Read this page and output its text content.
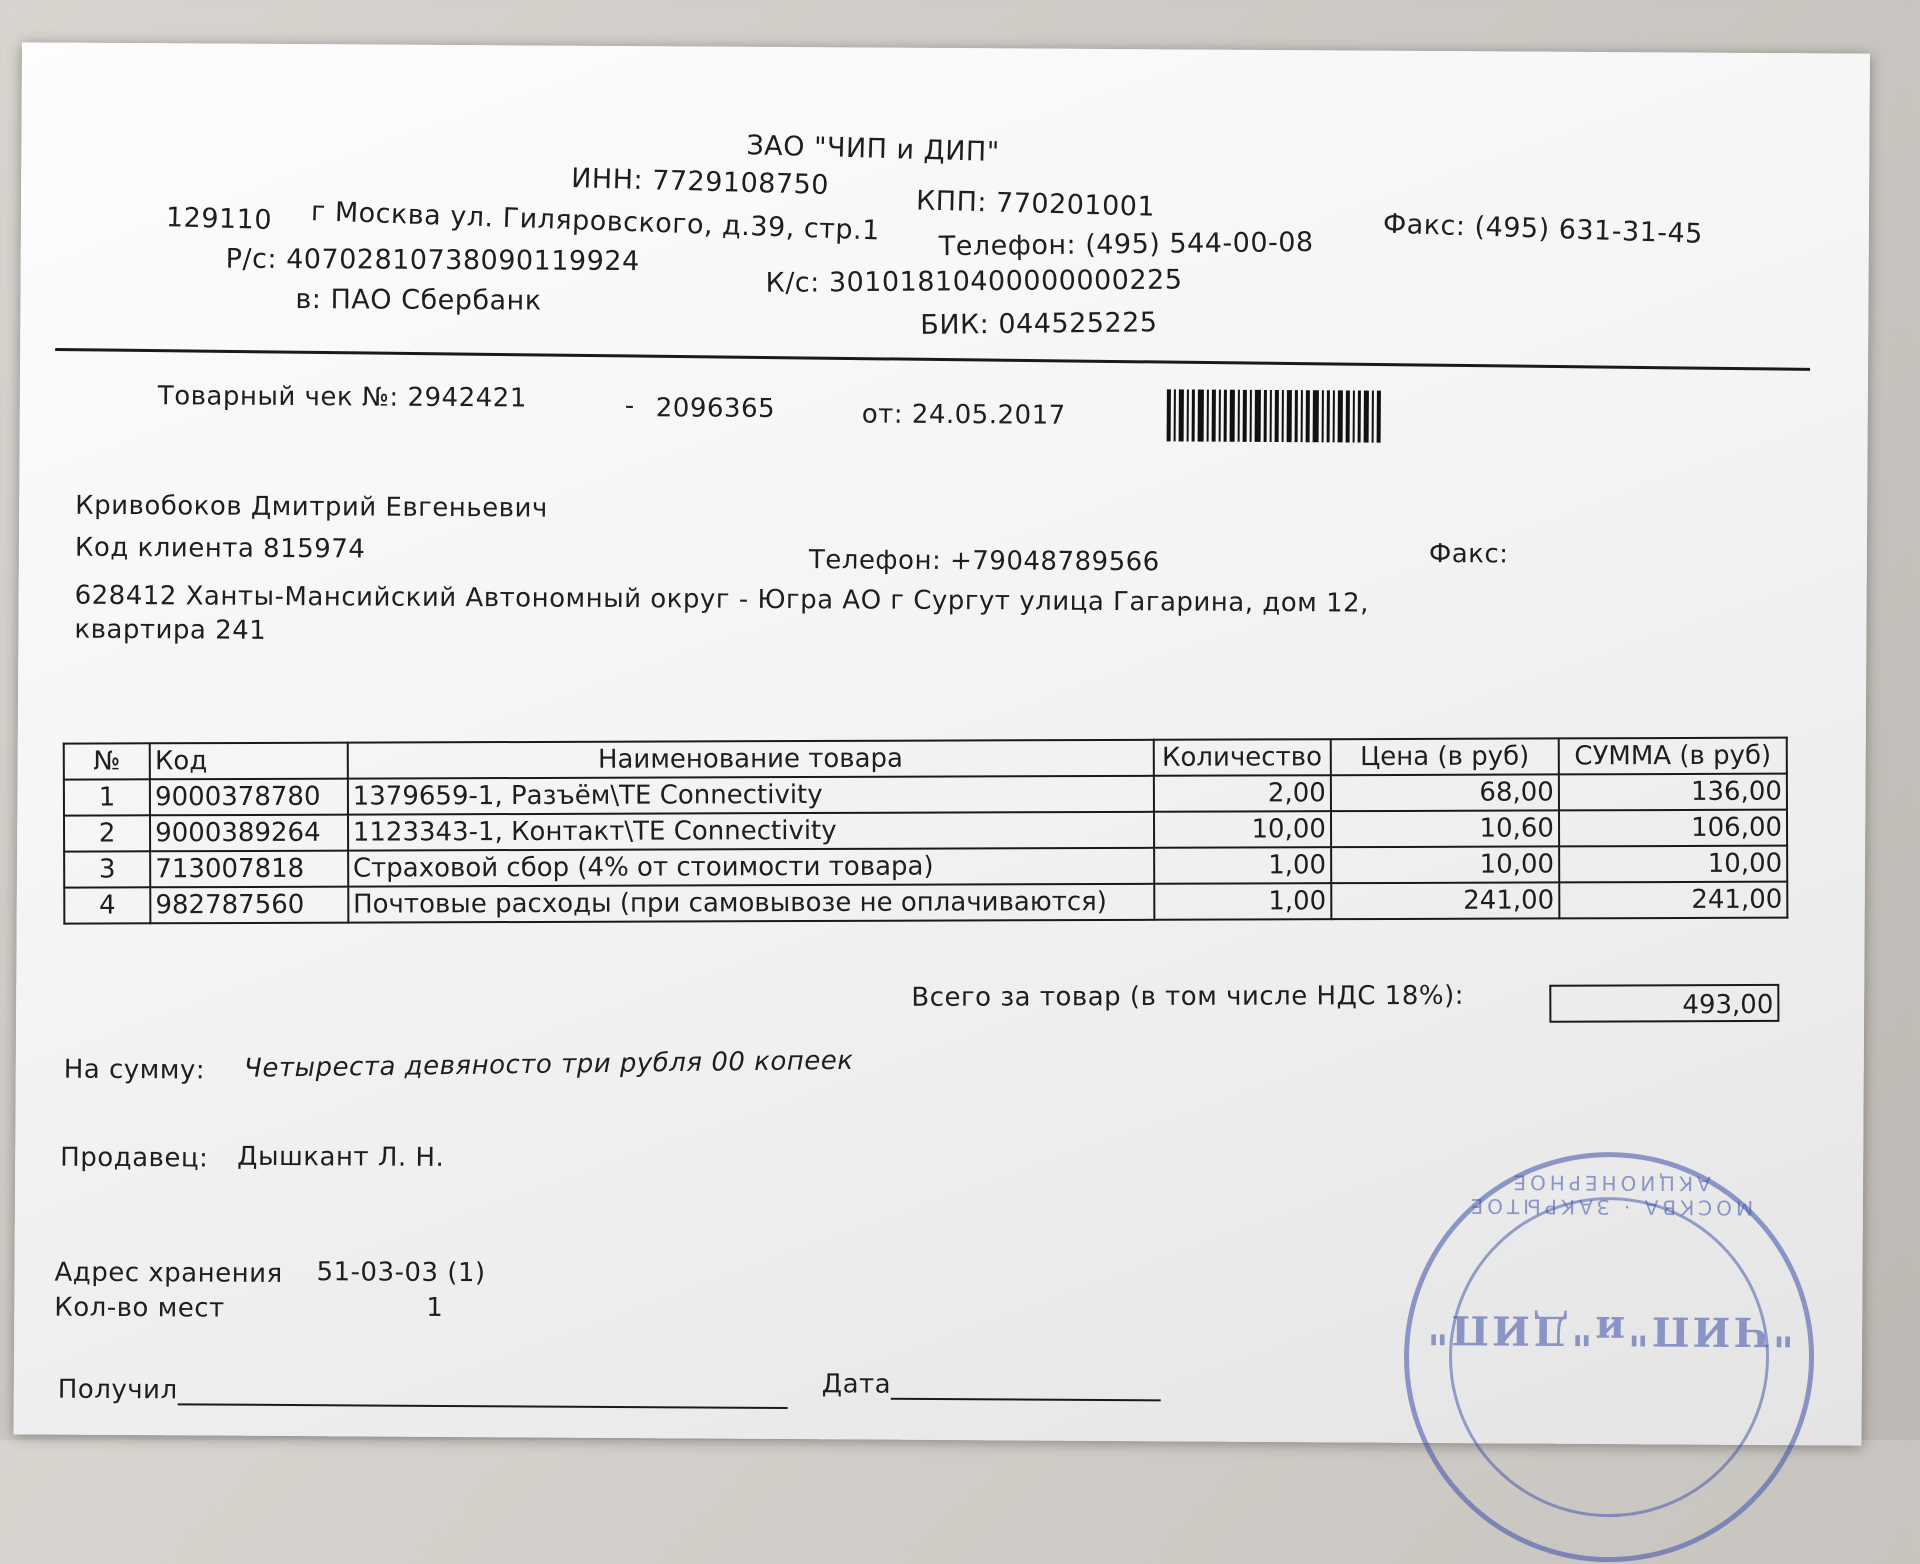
ЗАО "ЧИП и ДИП"
ИНН: 7729108750
КПП: 770201001
129110 г Москва ул. Гиляровского, д.39, стр.1 Телефон: (495) 544-00-08
Факс: (495) 631-31-45
Р/с: 40702810738090119924
К/с: 30101810400000000225
в: ПАО Сбербанк
БИК: 044525225
Товарный чек №: 2942421	- 2096365	от: 24.05.2017
Кривобоков Дмитрий Евгеньевич
Код клиента 815974	Телефон: +79048789566	Факс:
628412 Ханты-Мансийский Автономный округ - Югра АО г Сургут улица Гагарина, дом 12,
квартира 241
№	Код	Наименование товара	Количество	Цена (в руб)	СУММА (в руб)
1	9000378780	1379659-1, Разъём\TE Connectivity	2,00	68,00	136,00
2	9000389264	1123343-1, Контакт\TE Connectivity	10,00	10,60	106,00
3	713007818	Страховой сбор (4% от стоимости товара)	1,00	10,00	10,00
4	982787560	Почтовые расходы (при самовывозе не оплачиваются)	1,00	241,00	241,00
Всего за товар (в том числе НДС 18%):	493,00
На сумму: Четыреста девяносто три рубля 00 копеек
Продавец: Дышкант Л. Н.
Адрес хранения 51-03-03 (1)
Кол-во мест	1
Получил	Дата
МОСКВА · ЗАКРЫТОЕ АКЦИОНЕРНОЕ
"ЧИП"и"ДИП"
